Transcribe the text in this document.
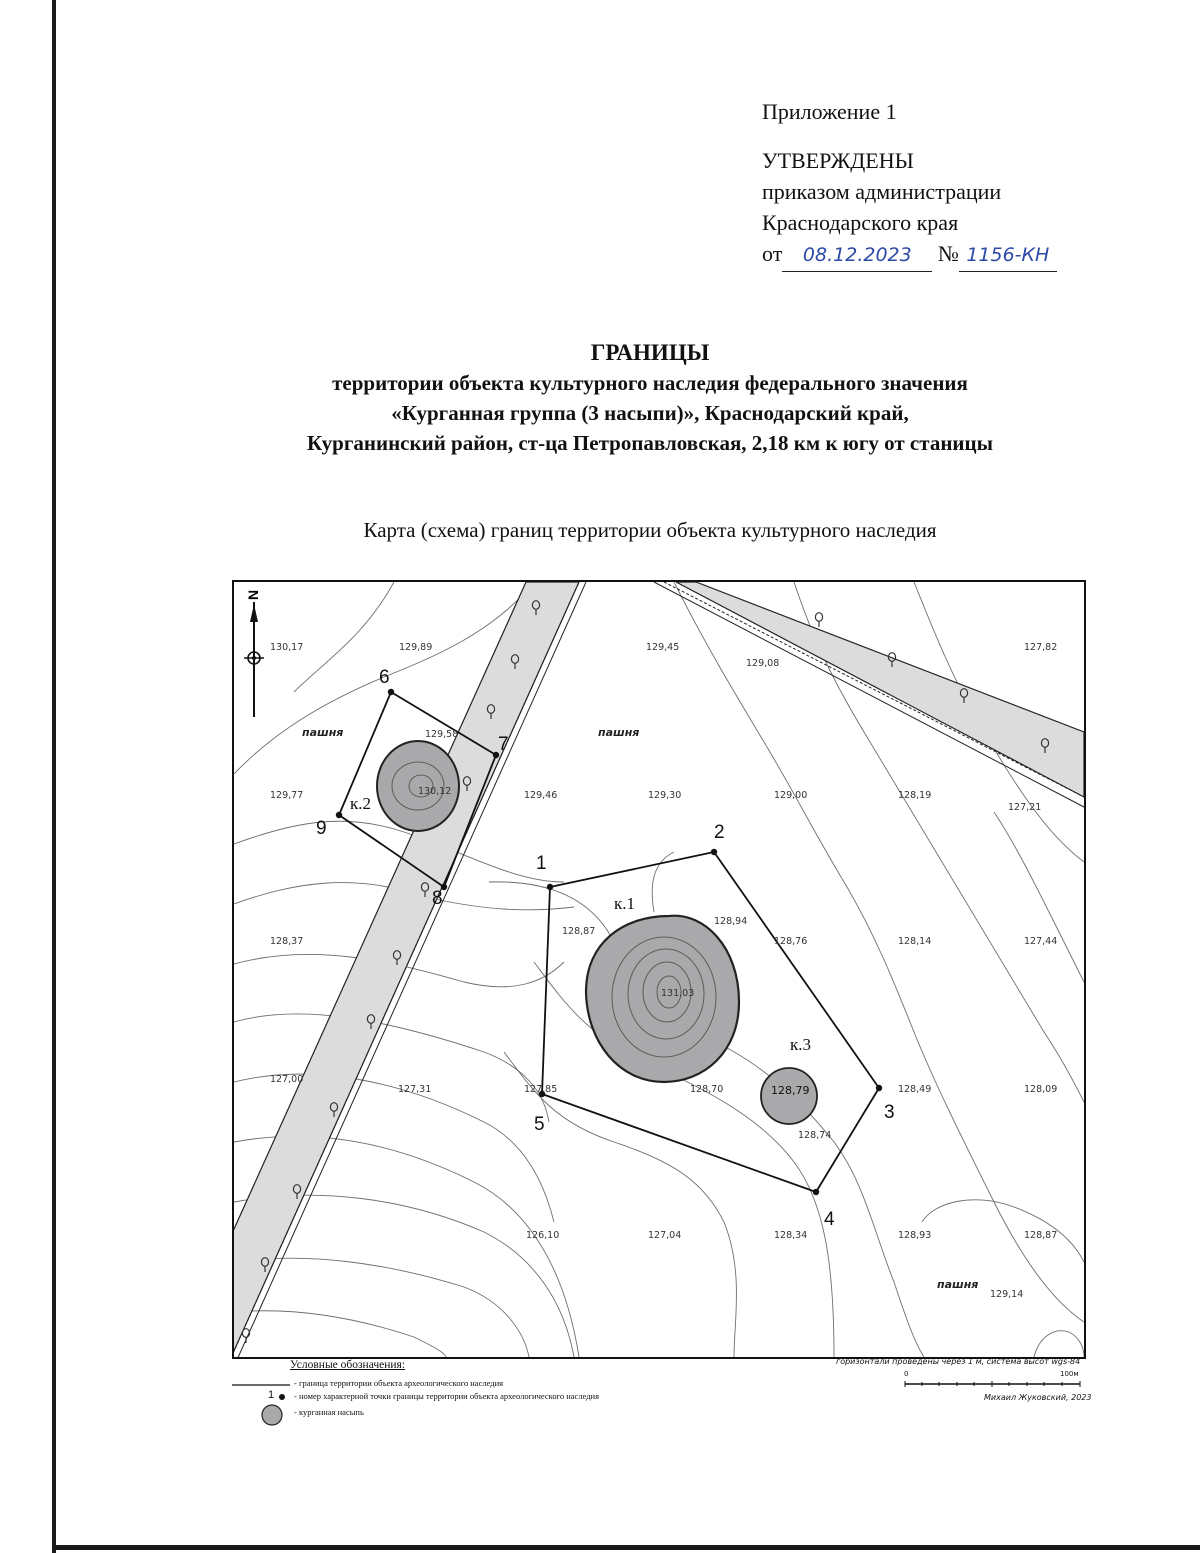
Приложение 1
УТВЕРЖДЕНЫ
приказом администрации
Краснодарского края
от 08.12.2023 № 1156-КН
ГРАНИЦЫ
территории объекта культурного наследия федерального значения
«Курганная группа (3 насыпи)», Краснодарский край,
Курганинский район, ст-ца Петропавловская, 2,18 км к югу от станицы
Карта (схема) границ территории объекта культурного наследия
N
1
2
3
4
5
6
7
8
9
к.1
к.2
к.3
пашня	пашня
пашня
130,17	129,89	129,45
129,08
127,82
129,58
130,12
129,77	129,46	129,30	129,00	128,19
127,21
128,87
128,94
128,76	128,14	127,44
128,37
131,03
127,00
127,31	127,85	128,70	128,79	128,49	128,09
128,74
126,10	127,04	128,34	128,93	128,87
129,14
Условные обозначения:
- граница территории объекта археологического наследия
1 - номер характерной точки границы территории объекта археологического наследия
- курганная насыпь
горизонтали проведены через 1 м, система высот wgs-84
0	100м
Михаил Жуковский, 2023
